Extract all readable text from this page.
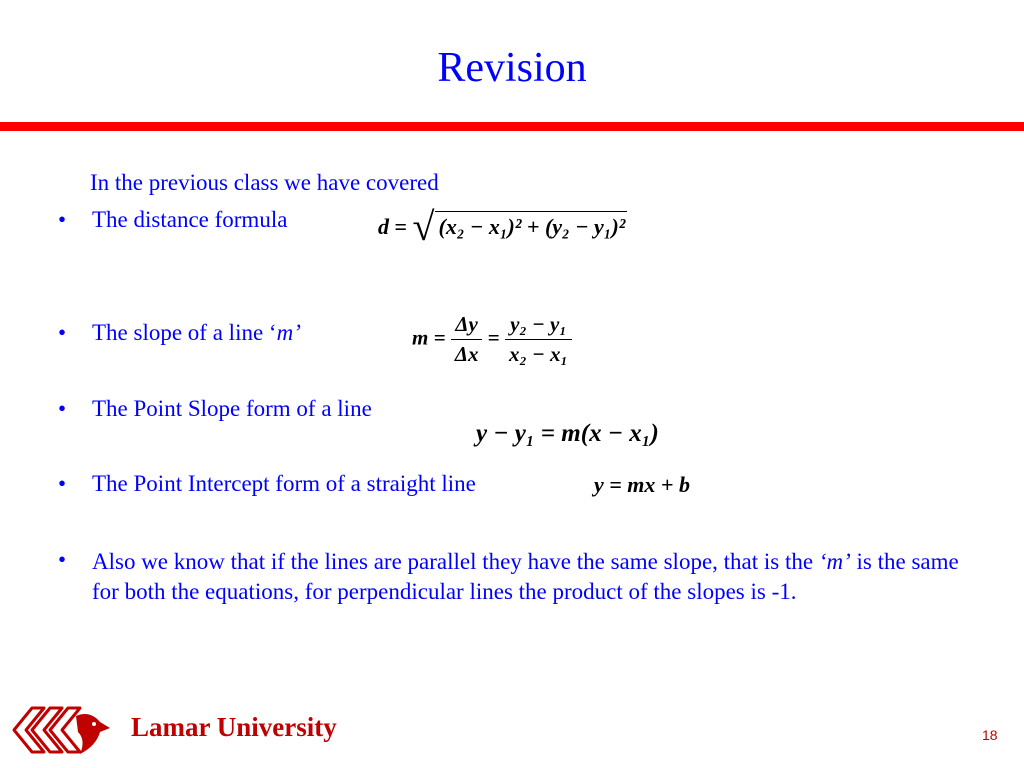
Revision
In the previous class we have covered
• The distance formula	d = √ (x₂ − x₁)² + (y₂ − y₁)²
• The slope of a line ‘m’	$m = \frac{\Delta y}{\Delta x} = \frac{\text{y₂ − y₁}}{\text{x₂ − x₁}}$
• The Point Slope form of a line
y − y₁ = m(x − x₁)
• The Point Intercept form of a straight line	y = mx + b
• Also we know that if the lines are parallel they have the same slope, that is the ‘m’ is the same for both the equations, for perpendicular lines the product of the slopes is -1.
Lamar University	18
